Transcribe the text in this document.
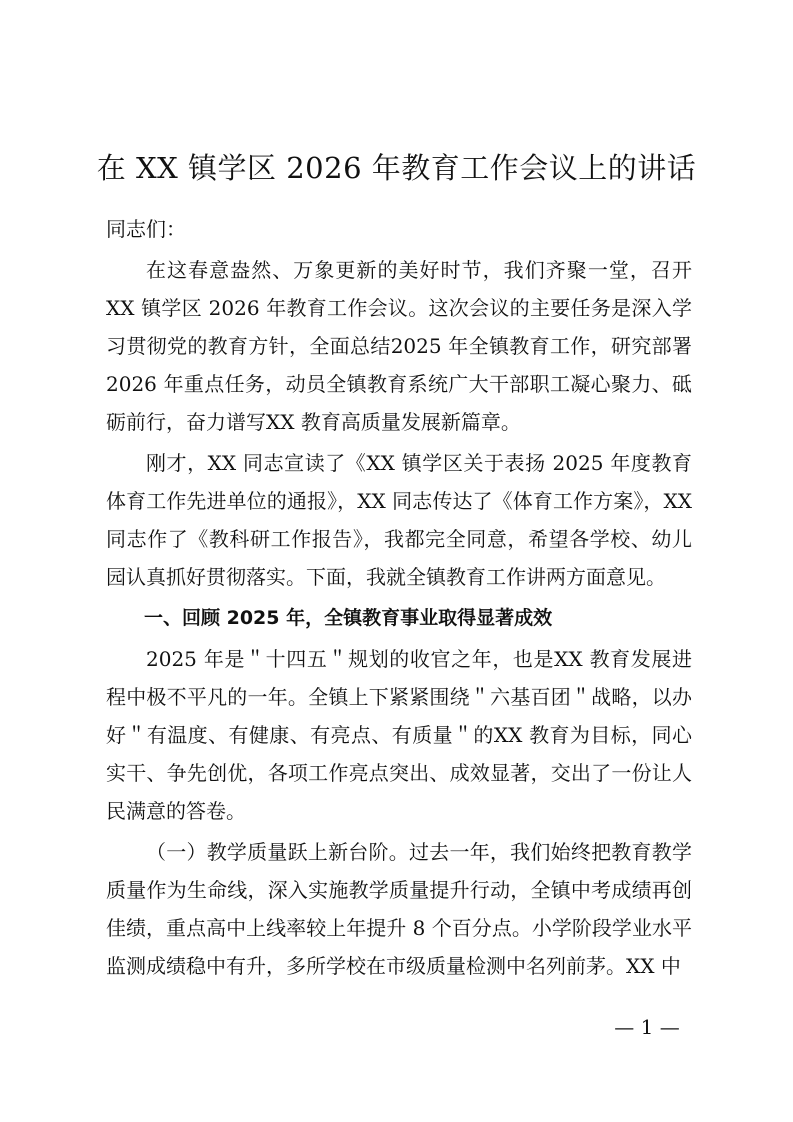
在 XX 镇学区 2026 年教育工作会议上的讲话

同志们：

在这春意盎然、万象更新的美好时节，我们齐聚一堂，召开XX 镇学区 2026 年教育工作会议。这次会议的主要任务是深入学习贯彻党的教育方针，全面总结2025 年全镇教育工作，研究部署2026 年重点任务，动员全镇教育系统广大干部职工凝心聚力、砥砺前行，奋力谱写XX 教育高质量发展新篇章。

刚才，XX 同志宣读了《XX 镇学区关于表扬 2025 年度教育体育工作先进单位的通报》，XX 同志传达了《体育工作方案》，XX 同志作了《教科研工作报告》，我都完全同意，希望各学校、幼儿园认真抓好贯彻落实。下面，我就全镇教育工作讲两方面意见。

一、回顾 2025 年，全镇教育事业取得显著成效

2025 年是＂十四五＂规划的收官之年，也是XX 教育发展进程中极不平凡的一年。全镇上下紧紧围绕＂六基百团＂战略，以办好＂有温度、有健康、有亮点、有质量＂的XX 教育为目标，同心实干、争先创优，各项工作亮点突出、成效显著，交出了一份让人民满意的答卷。

（一）教学质量跃上新台阶。过去一年，我们始终把教育教学质量作为生命线，深入实施教学质量提升行动，全镇中考成绩再创佳绩，重点高中上线率较上年提升 8 个百分点。小学阶段学业水平监测成绩稳中有升，多所学校在市级质量检测中名列前茅。XX 中

— 1 —
